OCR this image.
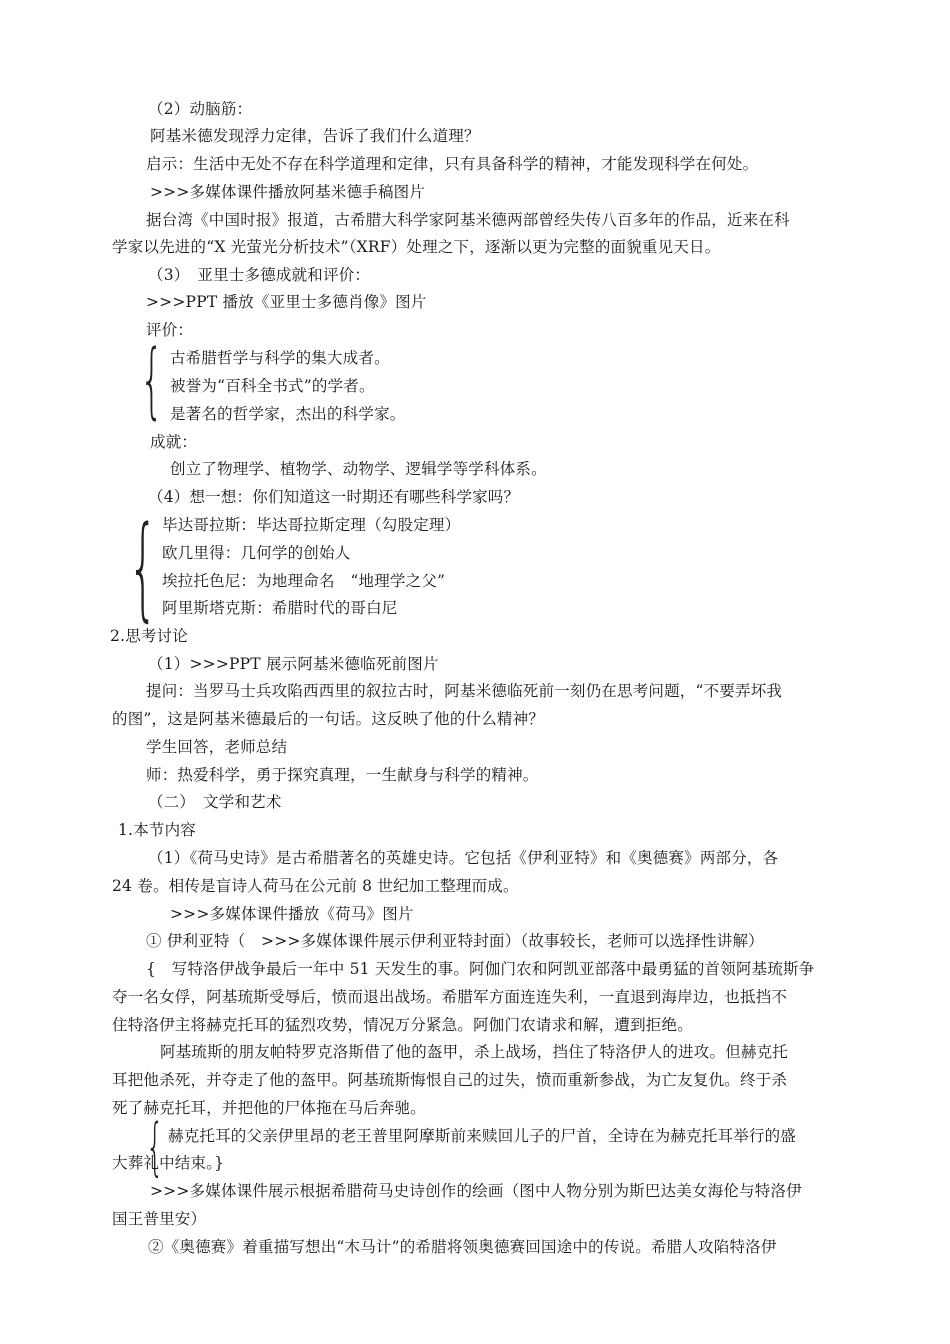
（2）动脑筋：
阿基米德发现浮力定律，告诉了我们什么道理？
启示：生活中无处不存在科学道理和定律，只有具备科学的精神，才能发现科学在何处。
>>>多媒体课件播放阿基米德手稿图片
据台湾《中国时报》报道，古希腊大科学家阿基米德两部曾经失传八百多年的作品，近来在科
学家以先进的“X 光萤光分析技术”（XRF）处理之下，逐渐以更为完整的面貌重见天日。
（3）　亚里士多德成就和评价：
>>>PPT 播放《亚里士多德肖像》图片
评价：
{ 古希腊哲学与科学的集大成者。
被誉为“百科全书式”的学者。
是著名的哲学家，杰出的科学家。
成就：
创立了物理学、植物学、动物学、逻辑学等学科体系。
（4）想一想：你们知道这一时期还有哪些科学家吗？
{ 毕达哥拉斯：毕达哥拉斯定理（勾股定理）
欧几里得：几何学的创始人
埃拉托色尼：为地理命名　“地理学之父”
阿里斯塔克斯：希腊时代的哥白尼
2.思考讨论
（1）>>>PPT 展示阿基米德临死前图片
提问：当罗马士兵攻陷西西里的叙拉古时，阿基米德临死前一刻仍在思考问题，“不要弄坏我
的图”，这是阿基米德最后的一句话。这反映了他的什么精神？
学生回答，老师总结
师：热爱科学，勇于探究真理，一生献身与科学的精神。
（二）　文学和艺术
1.本节内容
（1）《荷马史诗》是古希腊著名的英雄史诗。它包括《伊利亚特》和《奥德赛》两部分，各
24 卷。相传是盲诗人荷马在公元前 8 世纪加工整理而成。
>>>多媒体课件播放《荷马》图片
① 伊利亚特（　>>>多媒体课件展示伊利亚特封面）（故事较长，老师可以选择性讲解）
{　写特洛伊战争最后一年中 51 天发生的事。阿伽门农和阿凯亚部落中最勇猛的首领阿基琉斯争
夺一名女俘，阿基琉斯受辱后，愤而退出战场。希腊军方面连连失利，一直退到海岸边，也抵挡不
住特洛伊主将赫克托耳的猛烈攻势，情况万分紧急。阿伽门农请求和解，遭到拒绝。
阿基琉斯的朋友帕特罗克洛斯借了他的盔甲，杀上战场，挡住了特洛伊人的进攻。但赫克托
耳把他杀死，并夺走了他的盔甲。阿基琉斯悔恨自己的过失，愤而重新参战，为亡友复仇。终于杀
死了赫克托耳，并把他的尸体拖在马后奔驰。
{ 赫克托耳的父亲伊里昂的老王普里阿摩斯前来赎回儿子的尸首，全诗在为赫克托耳举行的盛
大葬礼中结束。}
>>>多媒体课件展示根据希腊荷马史诗创作的绘画（图中人物分别为斯巴达美女海伦与特洛伊
国王普里安）
②《奥德赛》着重描写想出“木马计”的希腊将领奥德赛回国途中的传说。希腊人攻陷特洛伊
